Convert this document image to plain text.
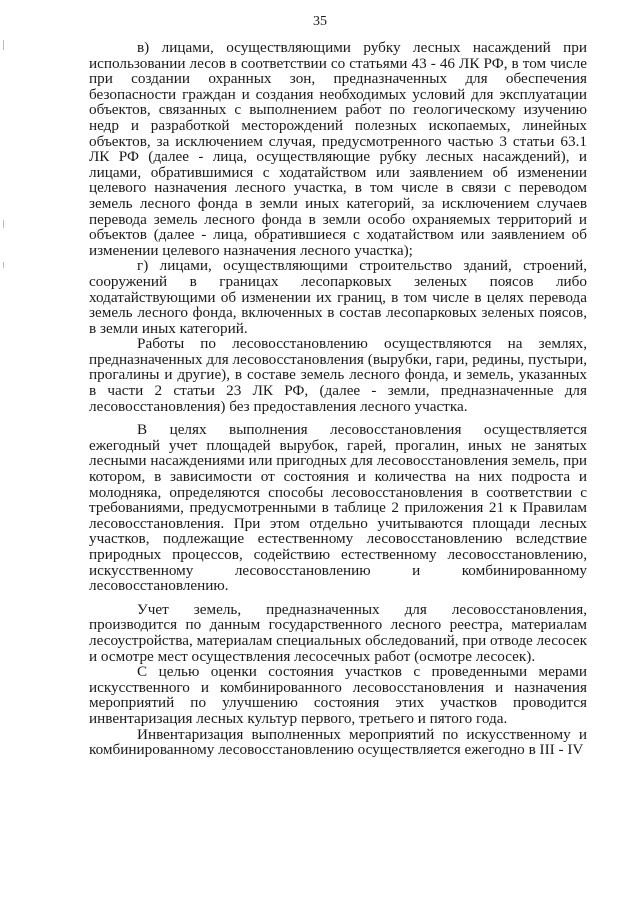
35

в) лицами, осуществляющими рубку лесных насаждений при использовании лесов в соответствии со статьями 43 - 46 ЛК РФ, в том числе при создании охранных зон, предназначенных для обеспечения безопасности граждан и создания необходимых условий для эксплуатации объектов, связанных с выполнением работ по геологическому изучению недр и разработкой месторождений полезных ископаемых, линейных объектов, за исключением случая, предусмотренного частью 3 статьи 63.1 ЛК РФ (далее - лица, осуществляющие рубку лесных насаждений), и лицами, обратившимися с ходатайством или заявлением об изменении целевого назначения лесного участка, в том числе в связи с переводом земель лесного фонда в земли иных категорий, за исключением случаев перевода земель лесного фонда в земли особо охраняемых территорий и объектов (далее - лица, обратившиеся с ходатайством или заявлением об изменении целевого назначения лесного участка);

г) лицами, осуществляющими строительство зданий, строений, сооружений в границах лесопарковых зеленых поясов либо ходатайствующими об изменении их границ, в том числе в целях перевода земель лесного фонда, включенных в состав лесопарковых зеленых поясов, в земли иных категорий.

Работы по лесовосстановлению осуществляются на землях, предназначенных для лесовосстановления (вырубки, гари, редины, пустыри, прогалины и другие), в составе земель лесного фонда, и земель, указанных в части 2 статьи 23 ЛК РФ, (далее - земли, предназначенные для лесовосстановления) без предоставления лесного участка.

В целях выполнения лесовосстановления осуществляется ежегодный учет площадей вырубок, гарей, прогалин, иных не занятых лесными насаждениями или пригодных для лесовосстановления земель, при котором, в зависимости от состояния и количества на них подроста и молодняка, определяются способы лесовосстановления в соответствии с требованиями, предусмотренными в таблице 2 приложения 21 к Правилам лесовосстановления. При этом отдельно учитываются площади лесных участков, подлежащие естественному лесовосстановлению вследствие природных процессов, содействию естественному лесовосстановлению, искусственному лесовосстановлению и комбинированному лесовосстановлению.

Учет земель, предназначенных для лесовосстановления, производится по данным государственного лесного реестра, материалам лесоустройства, материалам специальных обследований, при отводе лесосек и осмотре мест осуществления лесосечных работ (осмотре лесосек).

С целью оценки состояния участков с проведенными мерами искусственного и комбинированного лесовосстановления и назначения мероприятий по улучшению состояния этих участков проводится инвентаризация лесных культур первого, третьего и пятого года.

Инвентаризация выполненных мероприятий по искусственному и комбинированному лесовосстановлению осуществляется ежегодно в III - IV
